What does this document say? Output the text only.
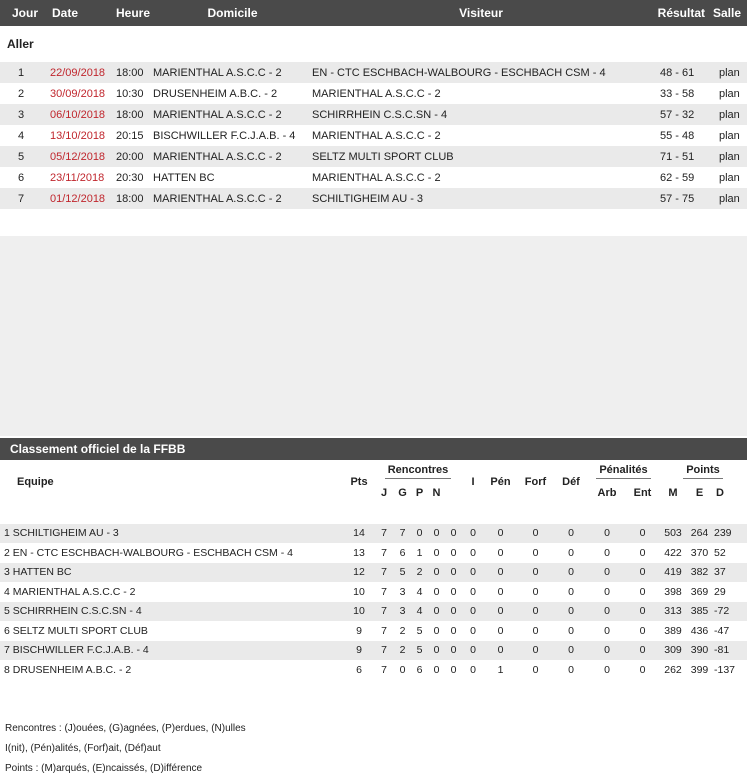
Jour	Date	Heure	Domicile	Visiteur	Résultat	Salle
Aller						
1	22/09/2018	18:00	MARIENTHAL A.S.C.C - 2	EN - CTC ESCHBACH-WALBOURG - ESCHBACH CSM - 4	48 - 61	plan
2	30/09/2018	10:30	DRUSENHEIM A.B.C. - 2	MARIENTHAL A.S.C.C - 2	33 - 58	plan
3	06/10/2018	18:00	MARIENTHAL A.S.C.C - 2	SCHIRRHEIN C.S.C.SN - 4	57 - 32	plan
4	13/10/2018	20:15	BISCHWILLER F.C.J.A.B. - 4	MARIENTHAL A.S.C.C - 2	55 - 48	plan
5	05/12/2018	20:00	MARIENTHAL A.S.C.C - 2	SELTZ MULTI SPORT CLUB	71 - 51	plan
6	23/11/2018	20:30	HATTEN BC	MARIENTHAL A.S.C.C - 2	62 - 59	plan
7	01/12/2018	18:00	MARIENTHAL A.S.C.C - 2	SCHILTIGHEIM AU - 3	57 - 75	plan
Classement officiel de la FFBB
Equipe	Pts	Rencontres					I	Pén	Forf	Déf	Pénalités		Points		
		J	G	P	N						Arb	Ent	M	E	D

1 SCHILTIGHEIM AU - 3	14	7	7	0	0	0	0	0	0	0	0	0	503	264	239
2 EN - CTC ESCHBACH-WALBOURG - ESCHBACH CSM - 4	13	7	6	1	0	0	0	0	0	0	0	0	422	370	52
3 HATTEN BC	12	7	5	2	0	0	0	0	0	0	0	0	419	382	37
4 MARIENTHAL A.S.C.C - 2	10	7	3	4	0	0	0	0	0	0	0	0	398	369	29
5 SCHIRRHEIN C.S.C.SN - 4	10	7	3	4	0	0	0	0	0	0	0	0	313	385	-72
6 SELTZ MULTI SPORT CLUB	9	7	2	5	0	0	0	0	0	0	0	0	389	436	-47
7 BISCHWILLER F.C.J.A.B. - 4	9	7	2	5	0	0	0	0	0	0	0	0	309	390	-81
8 DRUSENHEIM A.B.C. - 2	6	7	0	6	0	0	0	1	0	0	0	0	262	399	-137
Rencontres : (J)ouées, (G)agnées, (P)erdues, (N)ulles
I(nit), (Pén)alités, (Forf)ait, (Déf)aut
Points : (M)arqués, (E)ncaissés, (D)ifférence
